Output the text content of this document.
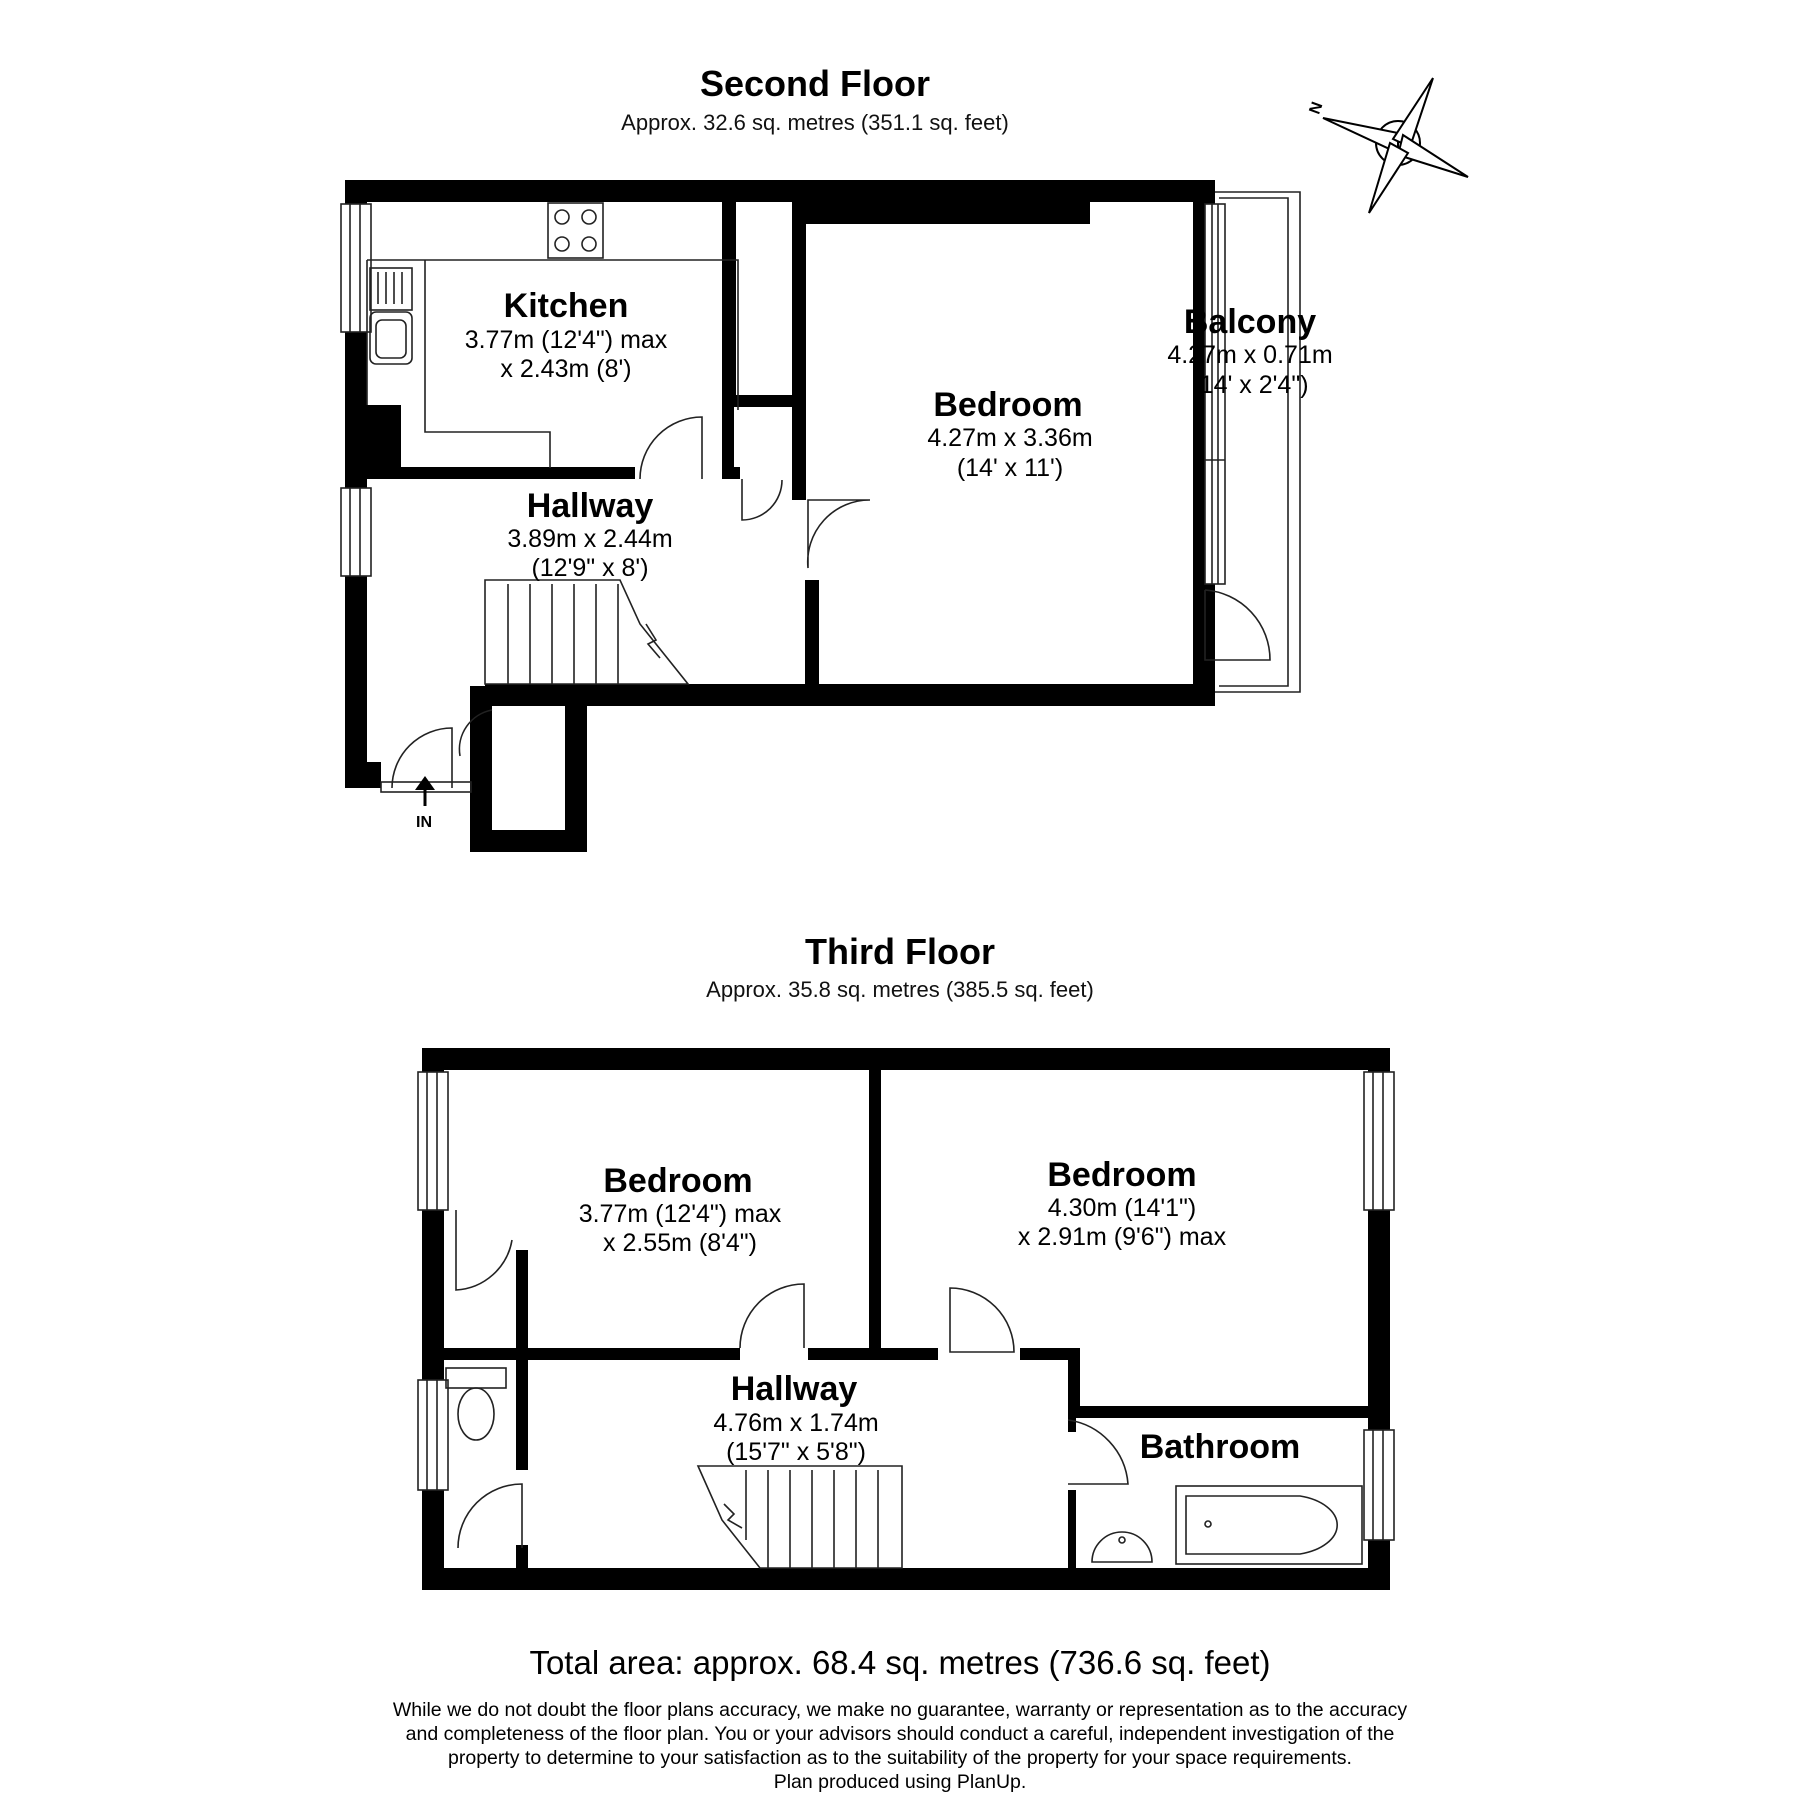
Second Floor
Approx. 32.6 sq. metres (351.1 sq. feet)
IN
N
Kitchen
3.77m (12'4") max
x 2.43m (8')
Bedroom
4.27m x 3.36m
(14' x 11')
Balcony
4.27m x 0.71m
(14' x 2'4")
Hallway
3.89m x 2.44m
(12'9" x 8')
Third Floor
Approx. 35.8 sq. metres (385.5 sq. feet)
Bedroom
3.77m (12'4") max
x 2.55m (8'4")
Bedroom
4.30m (14'1")
x 2.91m (9'6") max
Hallway
4.76m x 1.74m
(15'7" x 5'8")	Bathroom
Total area: approx. 68.4 sq. metres (736.6 sq. feet)
While we do not doubt the floor plans accuracy, we make no guarantee, warranty or representation as to the accuracy
and completeness of the floor plan. You or your advisors should conduct a careful, independent investigation of the
property to determine to your satisfaction as to the suitability of the property for your space requirements.
Plan produced using PlanUp.
